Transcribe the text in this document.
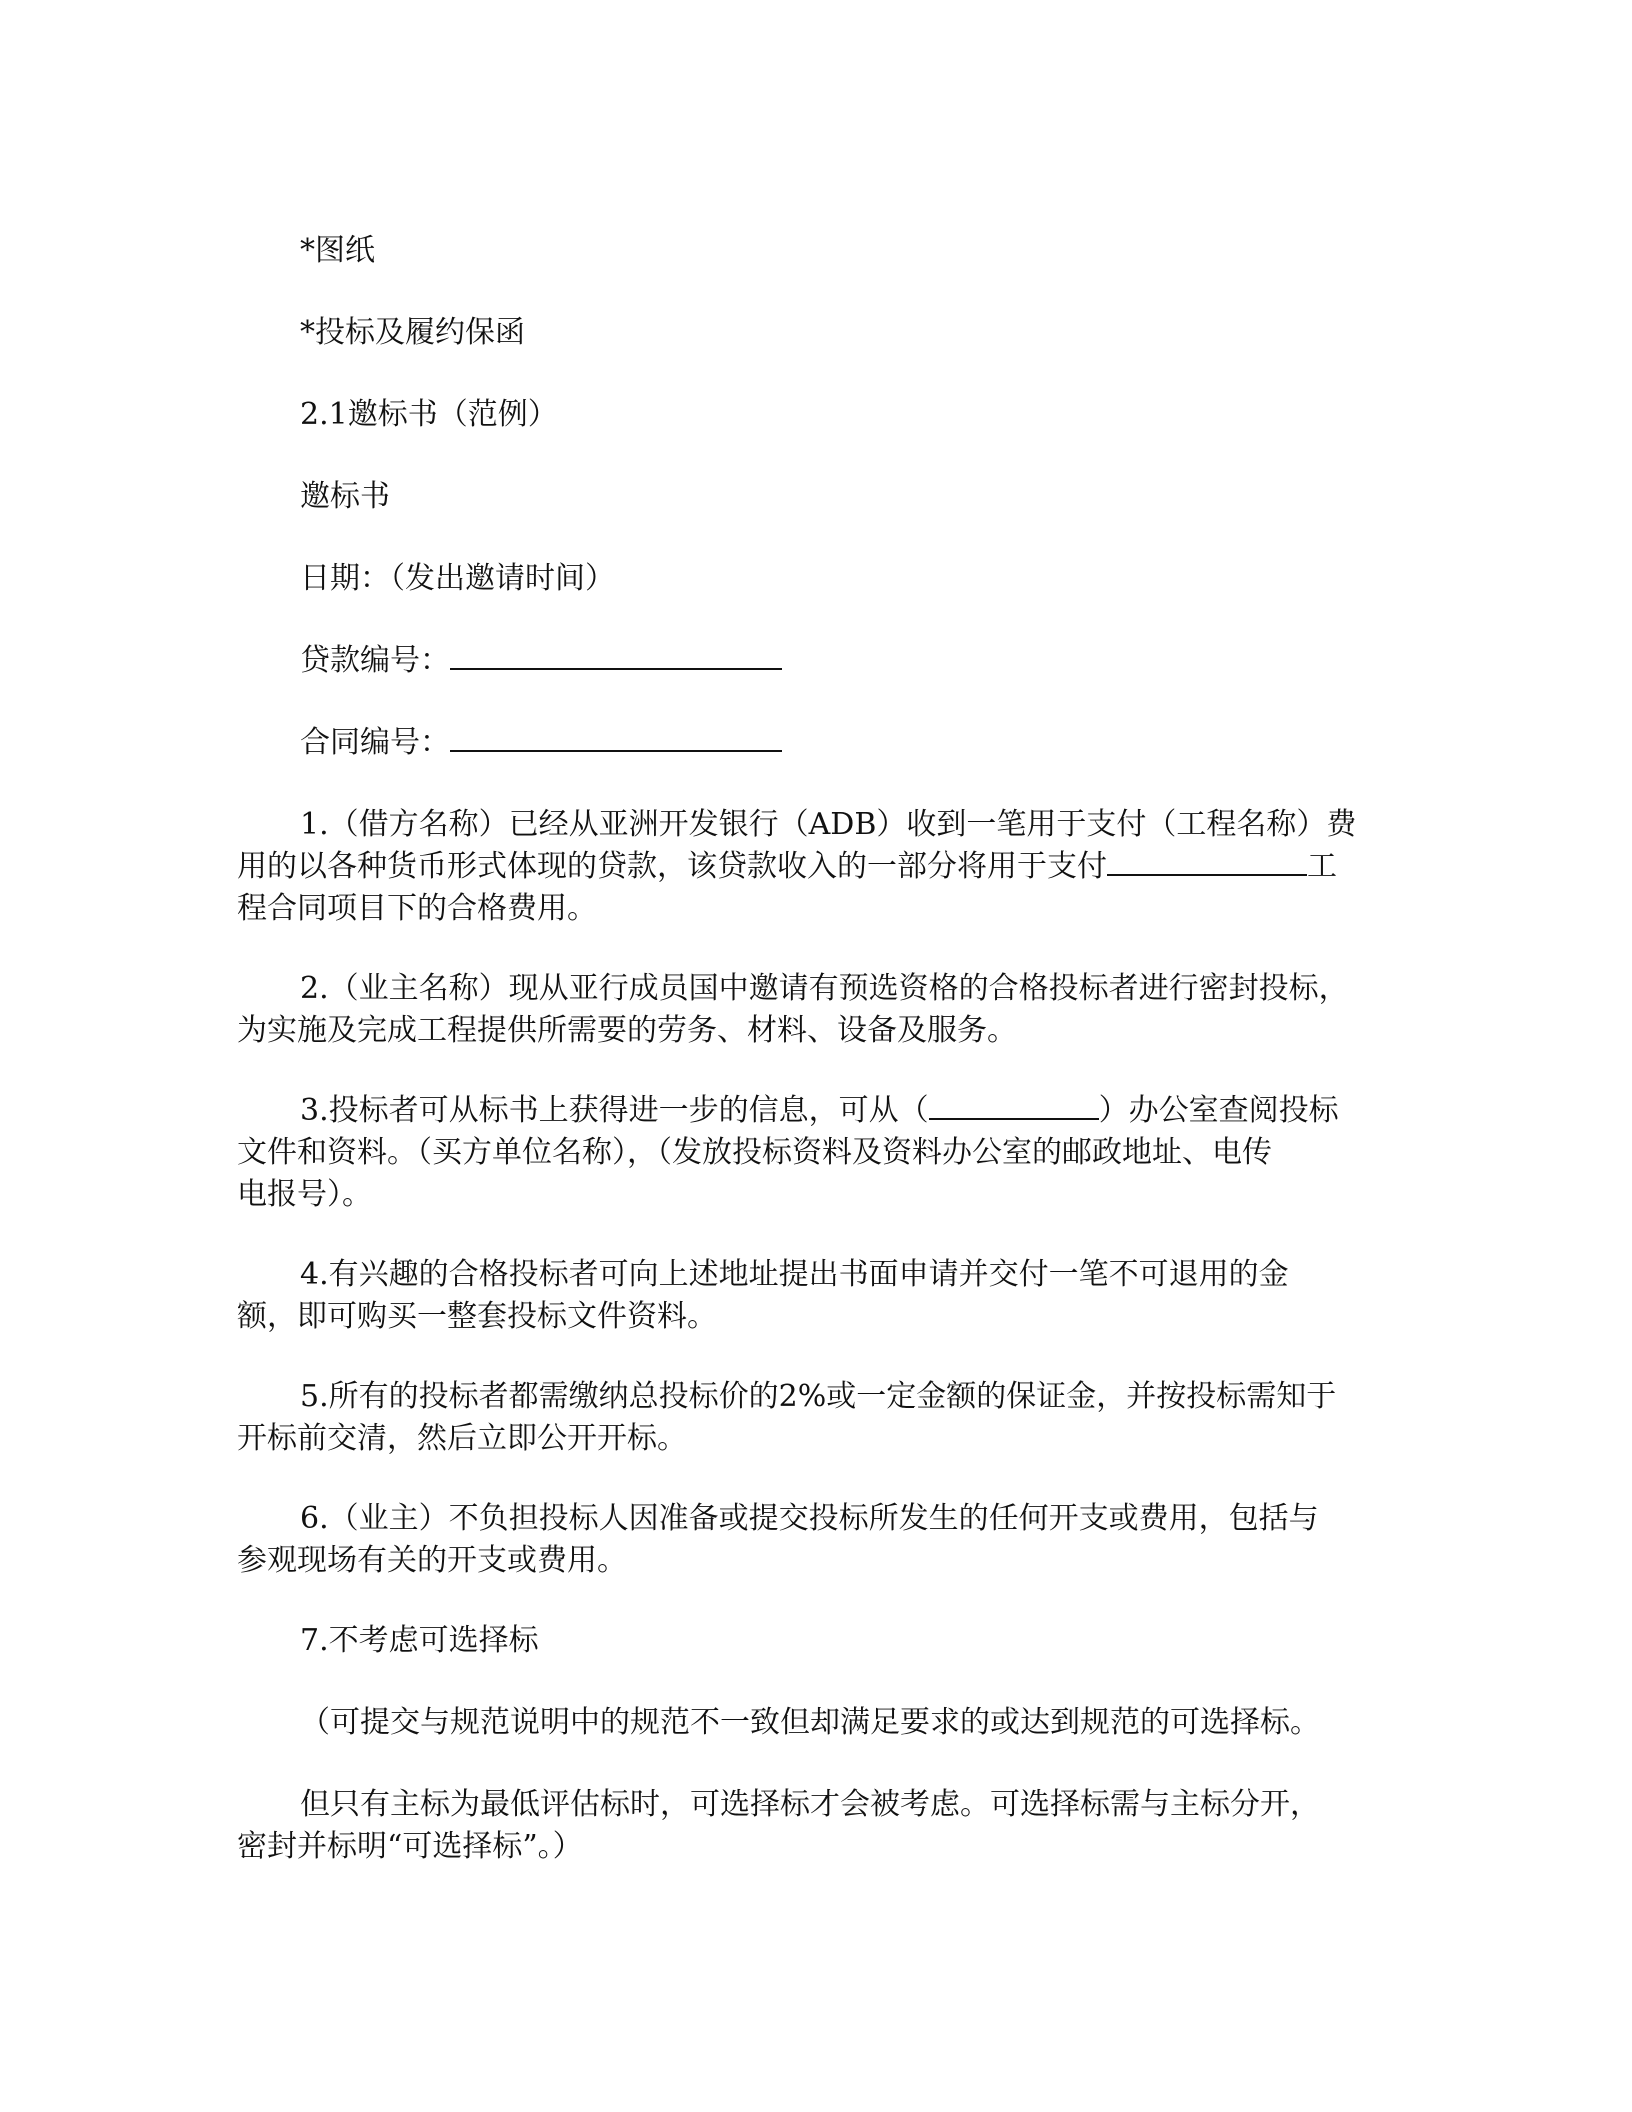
*图纸
*投标及履约保函
2.1邀标书（范例）
邀标书
日期：（发出邀请时间）
贷款编号：
合同编号：
1.（借方名称）已经从亚洲开发银行（ADB）收到一笔用于支付（工程名称）费
用的以各种货币形式体现的贷款，该贷款收入的一部分将用于支付	工
程合同项目下的合格费用。
2.（业主名称）现从亚行成员国中邀请有预选资格的合格投标者进行密封投标，
为实施及完成工程提供所需要的劳务、材料、设备及服务。
3.投标者可从标书上获得进一步的信息，可从（	）办公室查阅投标
文件和资料。（买方单位名称），（发放投标资料及资料办公室的邮政地址、电传
电报号）。
4.有兴趣的合格投标者可向上述地址提出书面申请并交付一笔不可退用的金
额，即可购买一整套投标文件资料。
5.所有的投标者都需缴纳总投标价的2%或一定金额的保证金，并按投标需知于
开标前交清，然后立即公开开标。
6.（业主）不负担投标人因准备或提交投标所发生的任何开支或费用，包括与
参观现场有关的开支或费用。
7.不考虑可选择标
（可提交与规范说明中的规范不一致但却满足要求的或达到规范的可选择标。
但只有主标为最低评估标时，可选择标才会被考虑。可选择标需与主标分开，
密封并标明“可选择标”。）
